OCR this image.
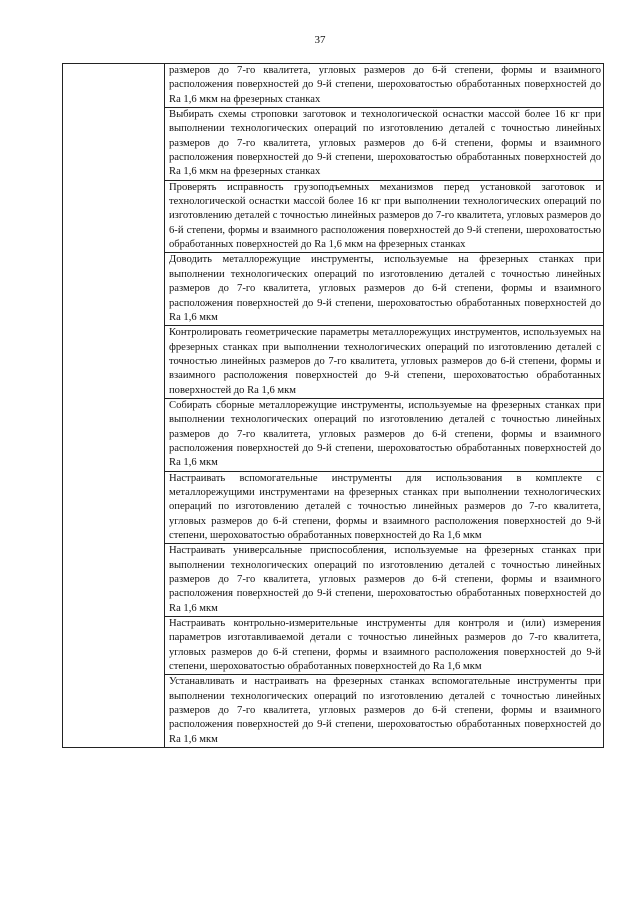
37
	размеров до 7-го квалитета, угловых размеров до 6-й степени, формы и взаимного расположения поверхностей до 9-й степени, шероховатостью обработанных поверхностей до Ra 1,6 мкм на фрезерных станках
Выбирать схемы строповки заготовок и технологической оснастки массой более 16 кг при выполнении технологических операций по изготовлению деталей с точностью линейных размеров до 7-го квалитета, угловых размеров до 6-й степени, формы и взаимного расположения поверхностей до 9-й степени, шероховатостью обработанных поверхностей до Ra 1,6 мкм на фрезерных станках
Проверять исправность грузоподъемных механизмов перед установкой заготовок и технологической оснастки массой более 16 кг при выполнении технологических операций по изготовлению деталей с точностью линейных размеров до 7-го квалитета, угловых размеров до 6-й степени, формы и взаимного расположения поверхностей до 9-й степени, шероховатостью обработанных поверхностей до Ra 1,6 мкм на фрезерных станках
Доводить металлорежущие инструменты, используемые на фрезерных станках при выполнении технологических операций по изготовлению деталей с точностью линейных размеров до 7-го квалитета, угловых размеров до 6-й степени, формы и взаимного расположения поверхностей до 9-й степени, шероховатостью обработанных поверхностей до Ra 1,6 мкм
Контролировать геометрические параметры металлорежущих инструментов, используемых на фрезерных станках при выполнении технологических операций по изготовлению деталей с точностью линейных размеров до 7-го квалитета, угловых размеров до 6-й степени, формы и взаимного расположения поверхностей до 9-й степени, шероховатостью обработанных поверхностей до Ra 1,6 мкм
Собирать сборные металлорежущие инструменты, используемые на фрезерных станках при выполнении технологических операций по изготовлению деталей с точностью линейных размеров до 7-го квалитета, угловых размеров до 6-й степени, формы и взаимного расположения поверхностей до 9-й степени, шероховатостью обработанных поверхностей до Ra 1,6 мкм
Настраивать вспомогательные инструменты для использования в комплекте с металлорежущими инструментами на фрезерных станках при выполнении технологических операций по изготовлению деталей с точностью линейных размеров до 7-го квалитета, угловых размеров до 6-й степени, формы и взаимного расположения поверхностей до 9-й степени, шероховатостью обработанных поверхностей до Ra 1,6 мкм
Настраивать универсальные приспособления, используемые на фрезерных станках при выполнении технологических операций по изготовлению деталей с точностью линейных размеров до 7-го квалитета, угловых размеров до 6-й степени, формы и взаимного расположения поверхностей до 9-й степени, шероховатостью обработанных поверхностей до Ra 1,6 мкм
Настраивать контрольно-измерительные инструменты для контроля и (или) измерения параметров изготавливаемой детали с точностью линейных размеров до 7-го квалитета, угловых размеров до 6-й степени, формы и взаимного расположения поверхностей до 9-й степени, шероховатостью обработанных поверхностей до Ra 1,6 мкм
Устанавливать и настраивать на фрезерных станках вспомогательные инструменты при выполнении технологических операций по изготовлению деталей с точностью линейных размеров до 7-го квалитета, угловых размеров до 6-й степени, формы и взаимного расположения поверхностей до 9-й степени, шероховатостью обработанных поверхностей до Ra 1,6 мкм
